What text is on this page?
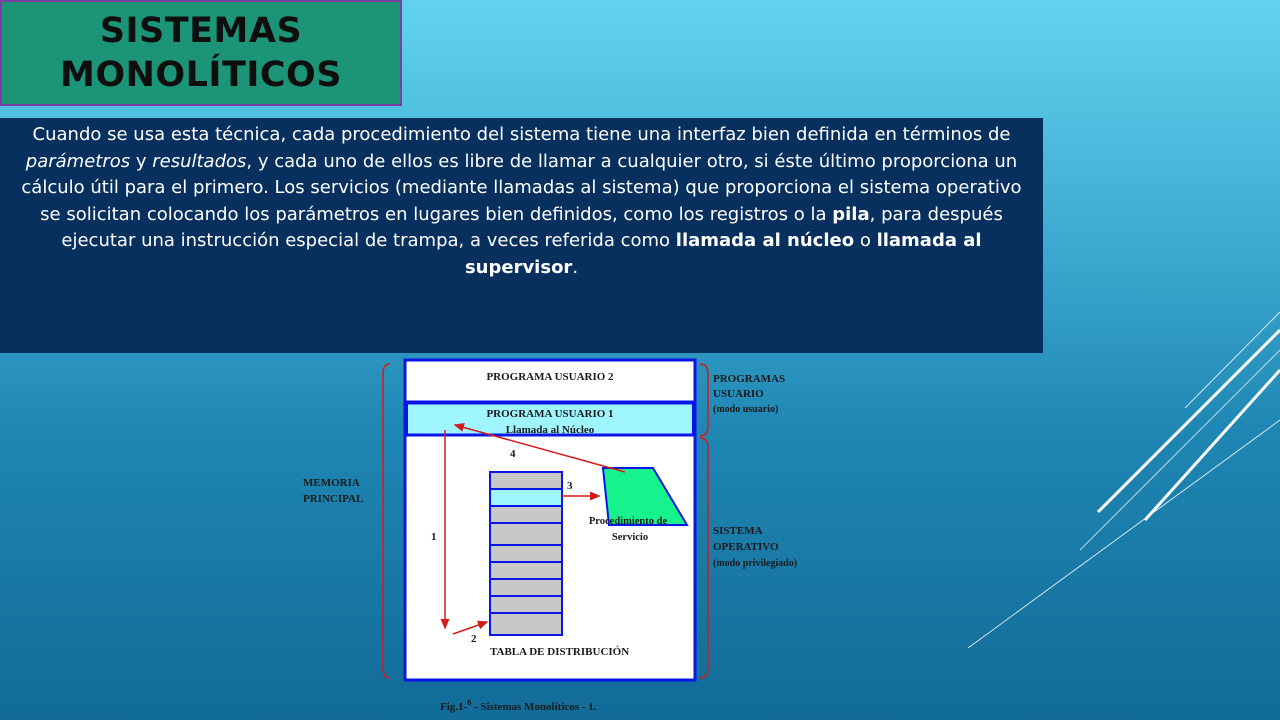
SISTEMAS
MONOLÍTICOS
Cuando se usa esta técnica, cada procedimiento del sistema tiene una interfaz bien definida en términos de parámetros y resultados, y cada uno de ellos es libre de llamar a cualquier otro, si éste último proporciona un cálculo útil para el primero. Los servicios (mediante llamadas al sistema) que proporciona el sistema operativo se solicitan colocando los parámetros en lugares bien definidos, como los registros o la pila, para después ejecutar una instrucción especial de trampa, a veces referida como llamada al núcleo o llamada al supervisor.
PROGRAMA USUARIO 2
PROGRAMA USUARIO 1
Llamada al Núcleo
PROGRAMAS
USUARIO
(modo usuario)
MEMORIA
PRINCIPAL
SISTEMA
OPERATIVO
(modo privilegiado)
TABLA DE DISTRIBUCIÓN
Procedimiento de
Servicio
1
2
3
4
Fig.1-$^8$ - Sistemas Monolíticos - 1.
